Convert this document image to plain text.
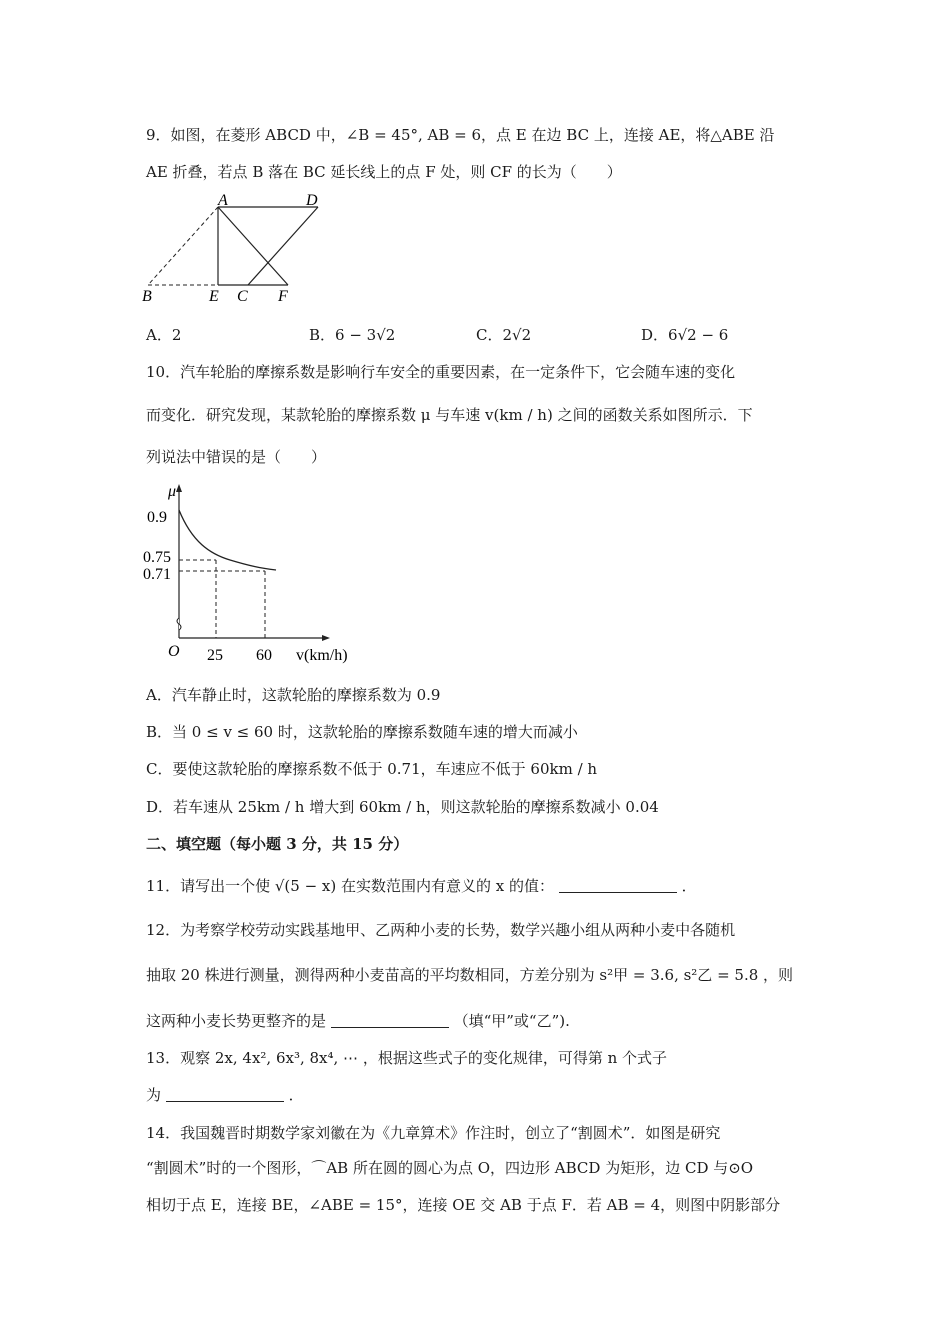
9．如图，在菱形 ABCD 中，∠B = 45°, AB = 6，点 E 在边 BC 上，连接 AE，将△ABE 沿
AE 折叠，若点 B 落在 BC 延长线上的点 F 处，则 CF 的长为（　　）
A	D
B	E C F
A．2	B．6 − 3√2	C．2√2	D．6√2 − 6
10．汽车轮胎的摩擦系数是影响行车安全的重要因素，在一定条件下，它会随车速的变化
而变化．研究发现，某款轮胎的摩擦系数 μ 与车速 v(km / h) 之间的函数关系如图所示．下
列说法中错误的是（　　）
μ
0.9
0.75
0.71
O 25 60 v(km/h)
A．汽车静止时，这款轮胎的摩擦系数为 0.9
B．当 0 ≤ v ≤ 60 时，这款轮胎的摩擦系数随车速的增大而减小
C．要使这款轮胎的摩擦系数不低于 0.71，车速应不低于 60km / h
D．若车速从 25km / h 增大到 60km / h，则这款轮胎的摩擦系数减小 0.04
二、填空题（每小题 3 分，共 15 分）
11．请写出一个使 √(5 − x) 在实数范围内有意义的 x 的值：	．
12．为考察学校劳动实践基地甲、乙两种小麦的长势，数学兴趣小组从两种小麦中各随机
抽取 20 株进行测量，测得两种小麦苗高的平均数相同，方差分别为 s²甲 = 3.6, s²乙 = 5.8 ，则
这两种小麦长势更整齐的是	（填“甲”或“乙”).
13．观察 2x, 4x², 6x³, 8x⁴, ⋯ ，根据这些式子的变化规律，可得第 n 个式子
为	．
14．我国魏晋时期数学家刘徽在为《九章算术》作注时，创立了“割圆术”．如图是研究
“割圆术”时的一个图形，⌒AB 所在圆的圆心为点 O，四边形 ABCD 为矩形，边 CD 与⊙O
相切于点 E，连接 BE，∠ABE = 15°，连接 OE 交 AB 于点 F．若 AB = 4，则图中阴影部分
